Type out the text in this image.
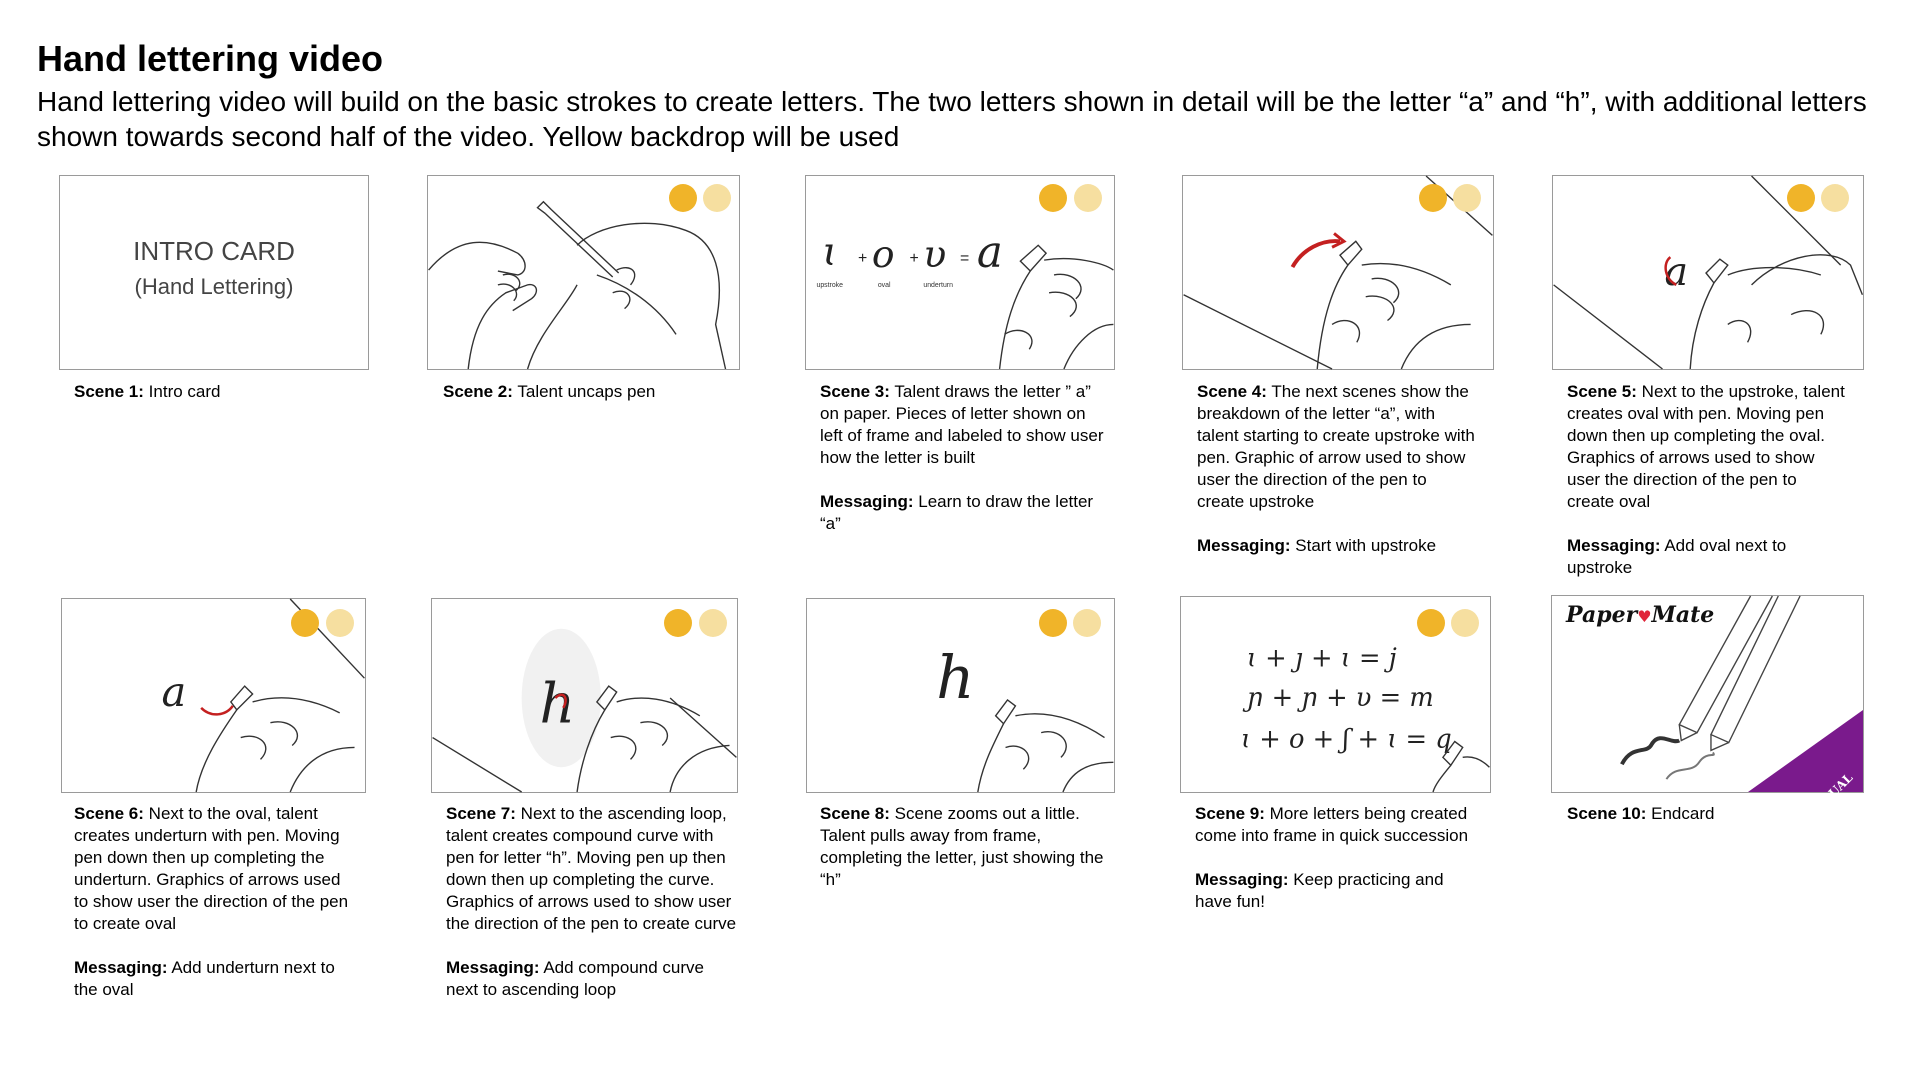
Hand lettering video

Hand lettering video will build on the basic strokes to create letters. The two letters shown in detail will be the letter “a” and “h”, with additional letters shown towards second half of the video. Yellow backdrop will be used

INTRO CARD
(Hand Lettering)

Scene 1: Intro card	Scene 2: Talent uncaps pen

ɩ + o + υ = a
upstroke	oval	underturn

Scene 3: Talent draws the letter ” a” on paper. Pieces of letter shown on left of frame and labeled to show user how the letter is built

Messaging: Learn to draw the letter “a”

Scene 4: The next scenes show the breakdown of the letter “a”, with talent starting to create upstroke with pen. Graphic of arrow used to show user the direction of the pen to create upstroke

Messaging: Start with upstroke

a

Scene 5: Next to the upstroke, talent creates oval with pen. Moving pen down then up completing the oval. Graphics of arrows used to show user the direction of the pen to create oval

Messaging: Add oval next to upstroke

a

Scene 6: Next to the oval, talent creates underturn with pen. Moving pen down then up completing the underturn. Graphics of arrows used to show user the direction of the pen to create oval

Messaging: Add underturn next to the oval

h

Scene 7: Next to the ascending loop, talent creates compound curve with pen for letter “h”. Moving pen up then down then up completing the curve. Graphics of arrows used to show user the direction of the pen to create curve

Messaging: Add compound curve next to ascending loop

h

Scene 8: Scene zooms out a little. Talent pulls away from frame, completing the letter, just showing the “h”

ɩ + ȷ + ɩ = j
ɲ + ɲ + υ = m
ɩ + o + ʃ + ɩ = q

Scene 9: More letters being created come into frame in quick succession

Messaging: Keep practicing and have fun!

Paper♥Mate
Flair! DUAL

Scene 10: Endcard
